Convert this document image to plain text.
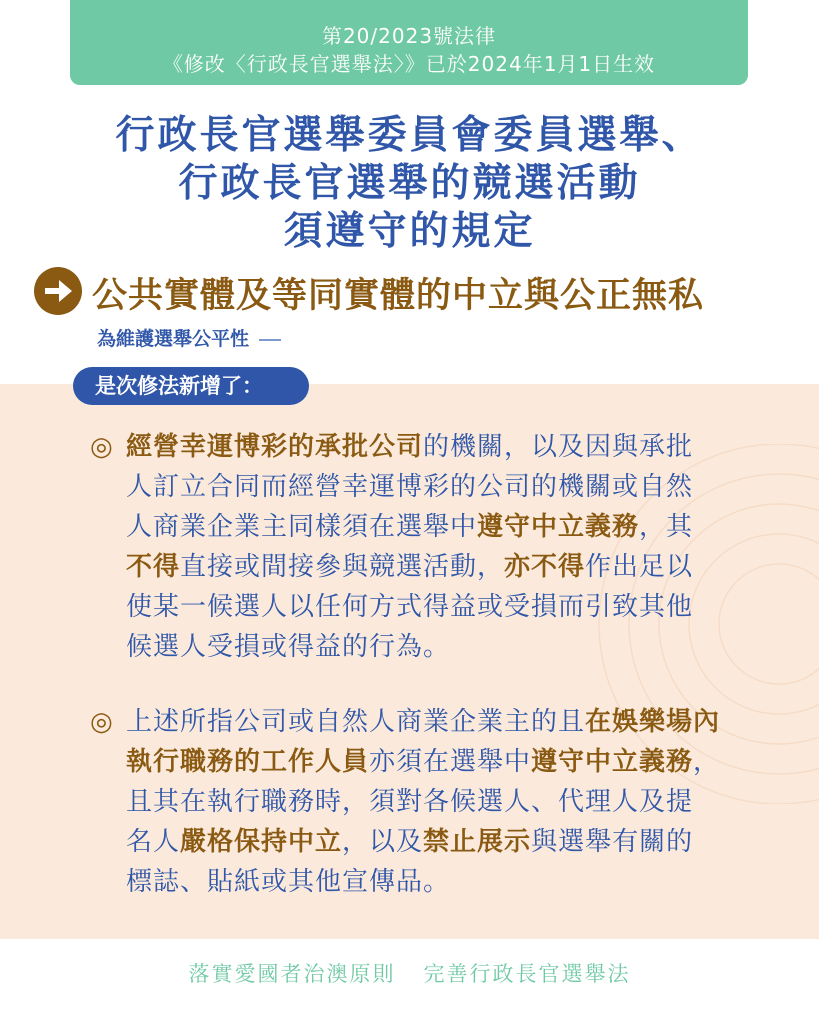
第20/2023號法律
《修改〈行政長官選舉法〉》已於2024年1月1日生效
行政長官選舉委員會委員選舉、
行政長官選舉的競選活動
須遵守的規定
公共實體及等同實體的中立與公正無私
為維護選舉公平性
是次修法新增了：
◎ 經營幸運博彩的承批公司的機關，以及因與承批
人訂立合同而經營幸運博彩的公司的機關或自然
人商業企業主同樣須在選舉中遵守中立義務，其
不得直接或間接參與競選活動，亦不得作出足以
使某一候選人以任何方式得益或受損而引致其他
候選人受損或得益的行為。
◎ 上述所指公司或自然人商業企業主的且在娛樂場內
執行職務的工作人員亦須在選舉中遵守中立義務，
且其在執行職務時，須對各候選人、代理人及提
名人嚴格保持中立，以及禁止展示與選舉有關的
標誌、貼紙或其他宣傳品。
落實愛國者治澳原則 完善行政長官選舉法
